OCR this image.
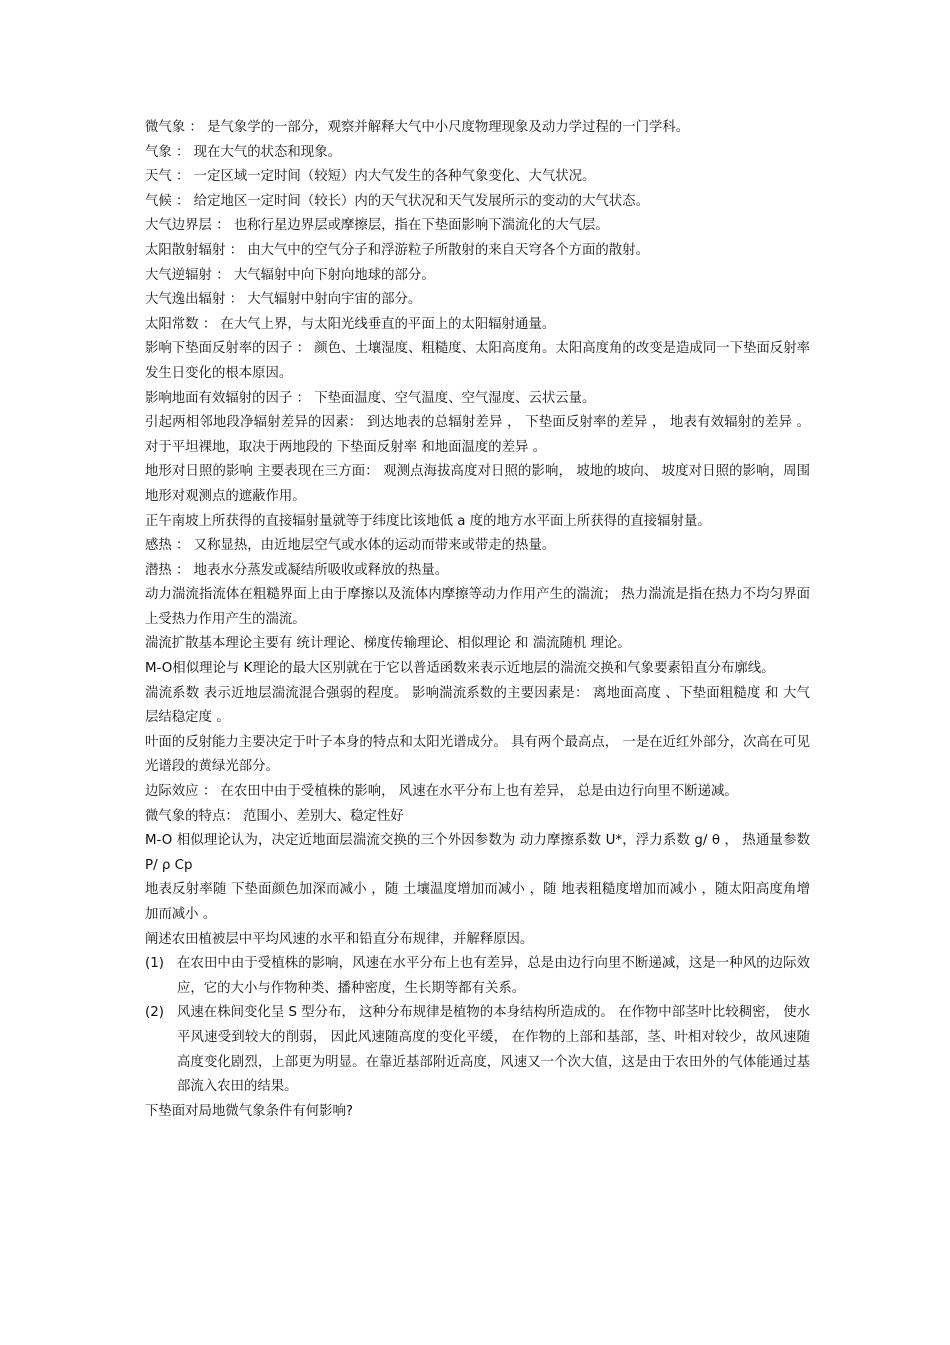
微气象 ： 是气象学的一部分，观察并解释大气中小尺度物理现象及动力学过程的一门学科。

气象 ： 现在大气的状态和现象。

天气 ： 一定区域一定时间（较短）内大气发生的各种气象变化、大气状况。

气候 ： 给定地区一定时间（较长）内的天气状况和天气发展所示的变动的大气状态。

大气边界层 ： 也称行星边界层或摩擦层，指在下垫面影响下湍流化的大气层。

太阳散射辐射 ： 由大气中的空气分子和浮游粒子所散射的来自天穹各个方面的散射。

大气逆辐射 ： 大气辐射中向下射向地球的部分。

大气逸出辐射 ： 大气辐射中射向宇宙的部分。

太阳常数 ： 在大气上界，与太阳光线垂直的平面上的太阳辐射通量。

影响下垫面反射率的因子 ： 颜色、土壤湿度、粗糙度、太阳高度角。太阳高度角的改变是造成同一下垫面反射率发生日变化的根本原因。

影响地面有效辐射的因子 ： 下垫面温度、空气温度、空气湿度、云状云量。

引起两相邻地段净辐射差异的因素： 到达地表的总辐射差异 ， 下垫面反射率的差异 ， 地表有效辐射的差异 。对于平坦裸地，取决于两地段的 下垫面反射率 和地面温度的差异 。

地形对日照的影响 主要表现在三方面： 观测点海拔高度对日照的影响， 坡地的坡向、 坡度对日照的影响，周围地形对观测点的遮蔽作用。

正午南坡上所获得的直接辐射量就等于纬度比该地低 a 度的地方水平面上所获得的直接辐射量。

感热 ： 又称显热，由近地层空气或水体的运动而带来或带走的热量。

潜热 ： 地表水分蒸发或凝结所吸收或释放的热量。

动力湍流指流体在粗糙界面上由于摩擦以及流体内摩擦等动力作用产生的湍流； 热力湍流是指在热力不均匀界面上受热力作用产生的湍流。

湍流扩散基本理论主要有 统计理论、梯度传输理论、相似理论 和 湍流随机 理论。

M-O相似理论与 K理论的最大区别就在于它以普适函数来表示近地层的湍流交换和气象要素铅直分布廓线。

湍流系数 表示近地层湍流混合强弱的程度。 影响湍流系数的主要因素是： 离地面高度 、下垫面粗糙度 和 大气层结稳定度 。

叶面的反射能力主要决定于叶子本身的特点和太阳光谱成分。 具有两个最高点， 一是在近红外部分，次高在可见光谱段的黄绿光部分。

边际效应 ： 在农田中由于受植株的影响， 风速在水平分布上也有差异， 总是由边行向里不断递减。

微气象的特点： 范围小、差别大、稳定性好

M-O 相似理论认为，决定近地面层湍流交换的三个外因参数为 动力摩擦系数 U*，浮力系数 g/ θ ， 热通量参数 P/ ρ Cp

地表反射率随 下垫面颜色加深而减小 ，随 土壤温度增加而减小 ，随 地表粗糙度增加而减小 ，随太阳高度角增加而减小 。

阐述农田植被层中平均风速的水平和铅直分布规律，并解释原因。

(1) 在农田中由于受植株的影响，风速在水平分布上也有差异，总是由边行向里不断递减，这是一种风的边际效应，它的大小与作物种类、播种密度，生长期等都有关系。
(2) 风速在株间变化呈 S 型分布， 这种分布规律是植物的本身结构所造成的。 在作物中部茎叶比较稠密， 使水平风速受到较大的削弱， 因此风速随高度的变化平缓， 在作物的上部和基部，茎、叶相对较少，故风速随高度变化剧烈，上部更为明显。在靠近基部附近高度，风速又一个次大值，这是由于农田外的气体能通过基部流入农田的结果。

下垫面对局地微气象条件有何影响?
